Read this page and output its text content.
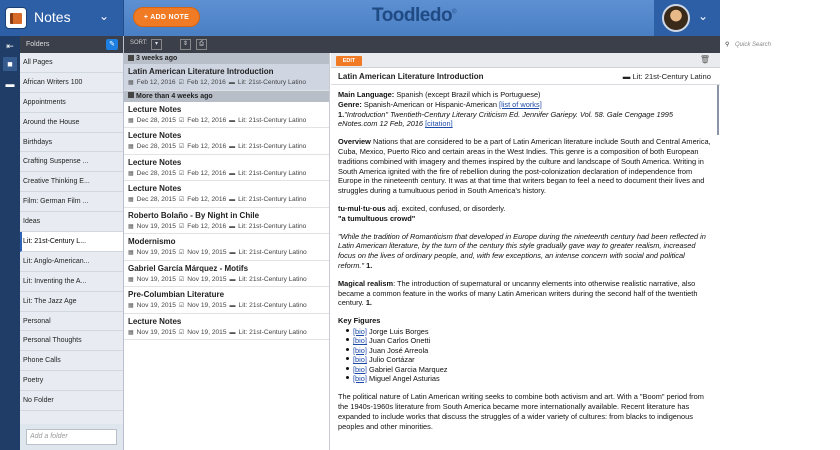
Notes ⌄	+ ADD NOTE	Toodledo®	⌄
⇤
■
▬
Folders	✎
All Pages
African Writers 100
Appointments
Around the House
Birthdays
Crafting Suspense ...
Creative Thinking E...
Film: German Film ...
Ideas
Lit: 21st-Century L...
Lit: Anglo-American...
Lit: Inventing the A...
Lit: The Jazz Age
Personal
Personal Thoughts
Phone Calls
Poetry
No Folder
Add a folder
SORT:	▾	⇕	⎙	⚲ Quick Search
3 weeks ago
Latin American Literature Introduction
▦ Feb 12, 2016 ☑ Feb 12, 2016 ▬ Lit: 21st-Century Latino
More than 4 weeks ago
Lecture Notes
▦ Dec 28, 2015 ☑ Feb 12, 2016 ▬ Lit: 21st-Century Latino
Lecture Notes
▦ Dec 28, 2015 ☑ Feb 12, 2016 ▬ Lit: 21st-Century Latino
Lecture Notes
▦ Dec 28, 2015 ☑ Feb 12, 2016 ▬ Lit: 21st-Century Latino
Lecture Notes
▦ Dec 28, 2015 ☑ Feb 12, 2016 ▬ Lit: 21st-Century Latino
Roberto Bolaño - By Night in Chile
▦ Nov 19, 2015 ☑ Feb 12, 2016 ▬ Lit: 21st-Century Latino
Modernismo
▦ Nov 19, 2015 ☑ Nov 19, 2015 ▬ Lit: 21st-Century Latino
Gabriel García Márquez - Motifs
▦ Nov 19, 2015 ☑ Nov 19, 2015 ▬ Lit: 21st-Century Latino
Pre-Columbian Literature
▦ Nov 19, 2015 ☑ Nov 19, 2015 ▬ Lit: 21st-Century Latino
Lecture Notes
▦ Nov 19, 2015 ☑ Nov 19, 2015 ▬ Lit: 21st-Century Latino
EDIT	🗑
Latin American Literature Introduction	▬ Lit: 21st-Century Latino

Main Language: Spanish (except Brazil which is Portuguese)
Genre: Spanish-American or Hispanic-American [list of works]
1."Introduction" Twentieth-Century Literary Criticism Ed. Jennifer Gariepy. Vol. 58. Gale Cengage 1995 eNotes.com 12 Feb, 2016 [citation]

Overview Nations that are considered to be a part of Latin American literature include South and Central America, Cuba, Mexico, Puerto Rico and certain areas in the West Indies. This genre is a composition of both European traditions combined with imagery and themes inspired by the culture and landscape of South America. Writing in South America ignited with the fire of rebellion during the post-colonization declaration of independence from Europe in the nineteenth century. It was at that time that writers began to feel a need to document their lives and struggles during a tumultuous period in South America's history.

tu·mul·tu·ous adj. excited, confused, or disorderly.
"a tumultuous crowd"

"While the tradition of Romanticism that developed in Europe during the nineteenth century had been reflected in Latin American literature, by the turn of the century this style gradually gave way to greater realism, increased focus on the lives of ordinary people, and, with few exceptions, an intense concern with social and political reform." 1.

Magical realism: The introduction of supernatural or uncanny elements into otherwise realistic narrative, also became a common feature in the works of many Latin American writers during the second half of the twentieth century. 1.

Key Figures

[bio] Jorge Luis Borges
[bio] Juan Carlos Onetti
[bio] Juan José Arreola
[bio] Julio Cortázar
[bio] Gabriel Garcia Marquez
[bio] Miguel Angel Asturias

The political nature of Latin American writing seeks to combine both activism and art. With a "Boom" period from the 1940s-1960s literature from South America became more internationally available. Recent literature has expanded to include works that discuss the struggles of a wider variety of cultures: from blacks to indigenous peoples and other minorities.
